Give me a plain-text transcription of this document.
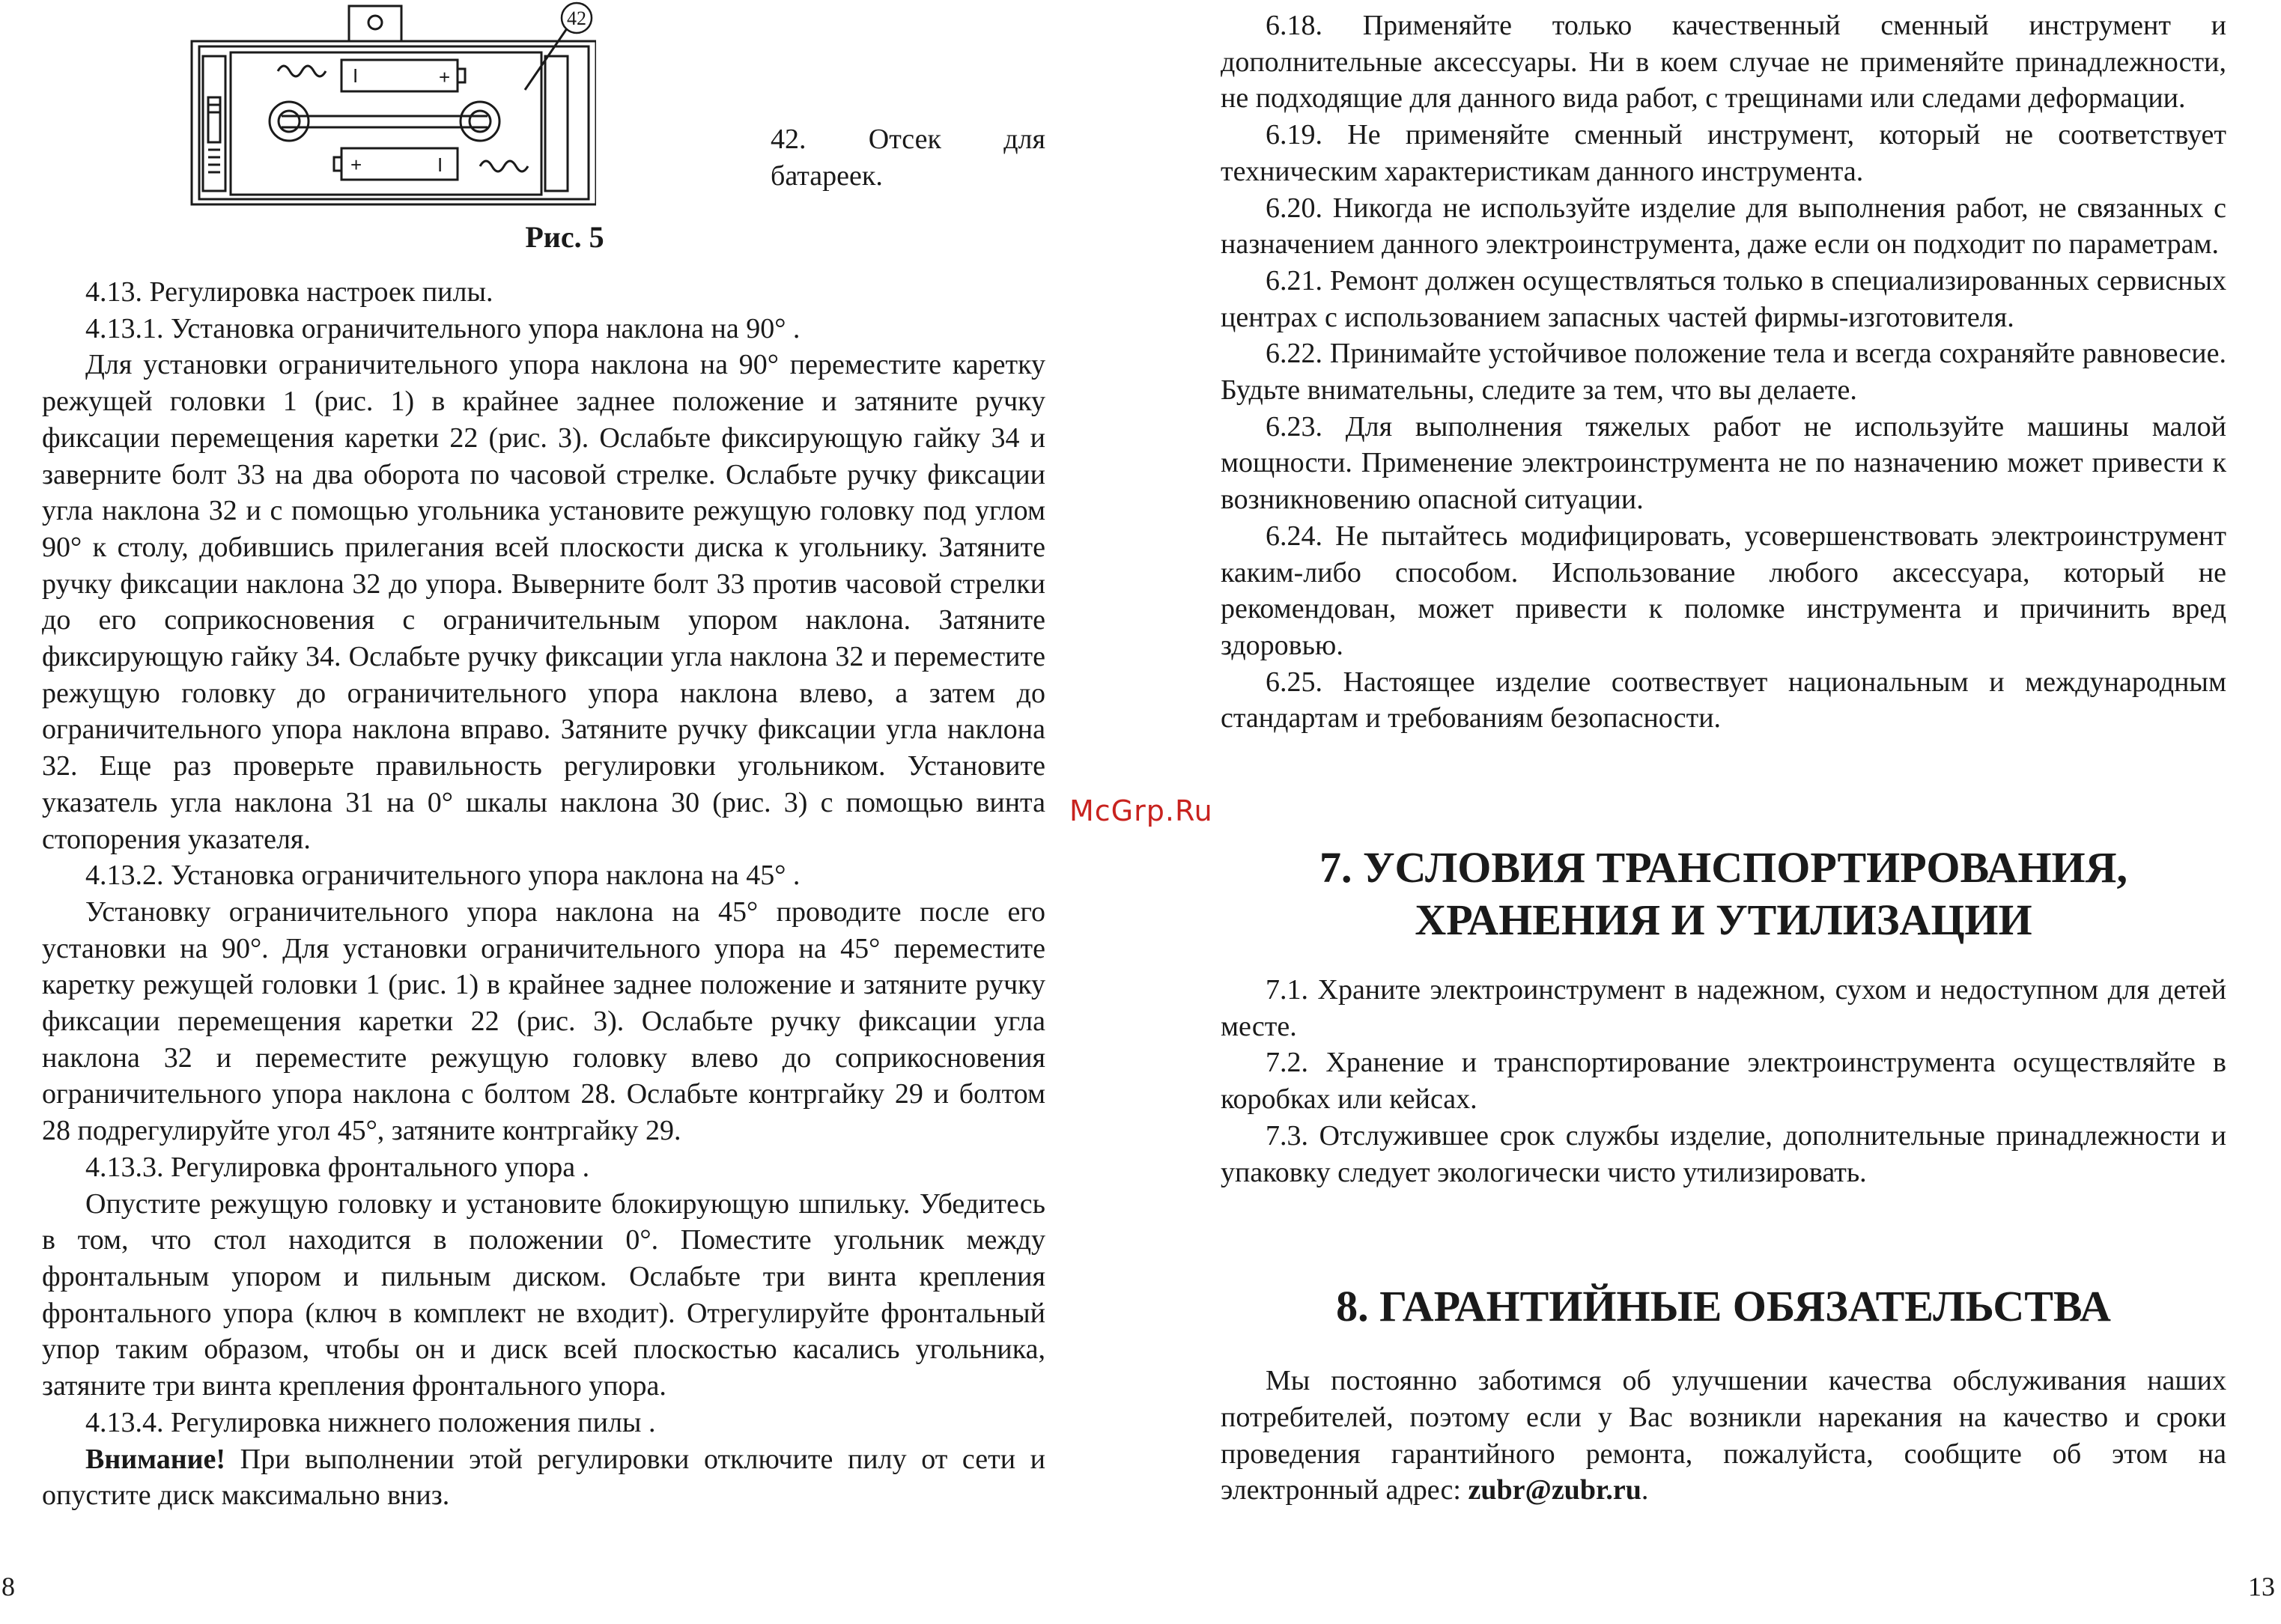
I	+
+	I
42
42. Отсек для батареек.
Рис. 5

4.13. Регулировка настроек пилы.

4.13.1. Установка ограничительного упора наклона на 90° .

Для установки ограничительного упора наклона на 90° переместите каретку режущей головки 1 (рис. 1) в крайнее заднее положение и затяните ручку фиксации перемещения каретки 22 (рис. 3). Ослабьте фиксирующую гайку 34 и заверните болт 33 на два оборота по часовой стрелке. Ослабьте ручку фиксации угла наклона 32 и с помощью угольника установите режущую головку под углом 90° к столу, добившись прилегания всей плоскости диска к угольнику. Затяните ручку фиксации наклона 32 до упора. Выверните болт 33 против часовой стрелки до его соприкосновения с ограничительным упором наклона. Затяните фиксирующую гайку 34. Ослабьте ручку фиксации угла наклона 32 и переместите режущую головку до ограничительного упора наклона влево, а затем до ограничительного упора наклона вправо. Затяните ручку фиксации угла наклона 32. Еще раз проверьте правильность регулировки угольником. Установите указатель угла наклона 31 на 0° шкалы наклона 30 (рис. 3) с помощью винта стопорения указателя.

4.13.2. Установка ограничительного упора наклона на 45° .

Установку ограничительного упора наклона на 45° проводите после его установки на 90°. Для установки ограничительного упора на 45° переместите каретку режущей головки 1 (рис. 1) в крайнее заднее положение и затяните ручку фиксации перемещения каретки 22 (рис. 3). Ослабьте ручку фиксации угла наклона 32 и переместите режущую головку влево до соприкосновения ограничительного упора наклона с болтом 28. Ослабьте контргайку 29 и болтом 28 подрегулируйте угол 45°, затяните контргайку 29.

4.13.3. Регулировка фронтального упора .

Опустите режущую головку и установите блокирующую шпильку. Убедитесь в том, что стол находится в положении 0°. Поместите угольник между фронтальным упором и пильным диском. Ослабьте три винта крепления фронтального упора (ключ в комплект не входит). Отрегулируйте фронтальный упор таким образом, чтобы он и диск всей плоскостью касались угольника, затяните три винта крепления фронтального упора.

4.13.4. Регулировка нижнего положения пилы .

Внимание! При выполнении этой регулировки отключите пилу от сети и опустите диск максимально вниз.

McGrp.Ru

6.18. Применяйте только качественный сменный инструмент и дополнительные аксессуары. Ни в коем случае не применяйте принадлежности, не подходящие для данного вида работ, с трещинами или следами деформации.

6.19. Не применяйте сменный инструмент, который не соответствует техническим характеристикам данного инструмента.

6.20. Никогда не используйте изделие для выполнения работ, не связанных с назначением данного электроинструмента, даже если он подходит по параметрам.

6.21. Ремонт должен осуществляться только в специализированных сервисных центрах с использованием запасных частей фирмы-изготовителя.

6.22. Принимайте устойчивое положение тела и всегда сохраняйте равновесие. Будьте внимательны, следите за тем, что вы делаете.

6.23. Для выполнения тяжелых работ не используйте машины малой мощности. Применение электроинструмента не по назначению может привести к возникновению опасной ситуации.

6.24. Не пытайтесь модифицировать, усовершенствовать электроинструмент каким-либо способом. Использование любого аксессуара, который не рекомендован, может привести к поломке инструмента и причинить вред здоровью.

6.25. Настоящее изделие соотвествует национальным и международным стандартам и требованиям безопасности.

7. УСЛОВИЯ ТРАНСПОРТИРОВАНИЯ,
ХРАНЕНИЯ И УТИЛИЗАЦИИ

7.1. Храните электроинструмент в надежном, сухом и недоступном для детей месте.

7.2. Хранение и транспортирование электроинструмента осуществляйте в коробках или кейсах.

7.3. Отслужившее срок службы изделие, дополнительные принадлежности и упаковку следует экологически чисто утилизировать.

8. ГАРАНТИЙНЫЕ ОБЯЗАТЕЛЬСТВА

Мы постоянно заботимся об улучшении качества обслуживания наших потребителей, поэтому если у Вас возникли нарекания на качество и сроки проведения гарантийного ремонта, пожалуйста, сообщите об этом на электронный адрес: zubr@zubr.ru.

8	13
